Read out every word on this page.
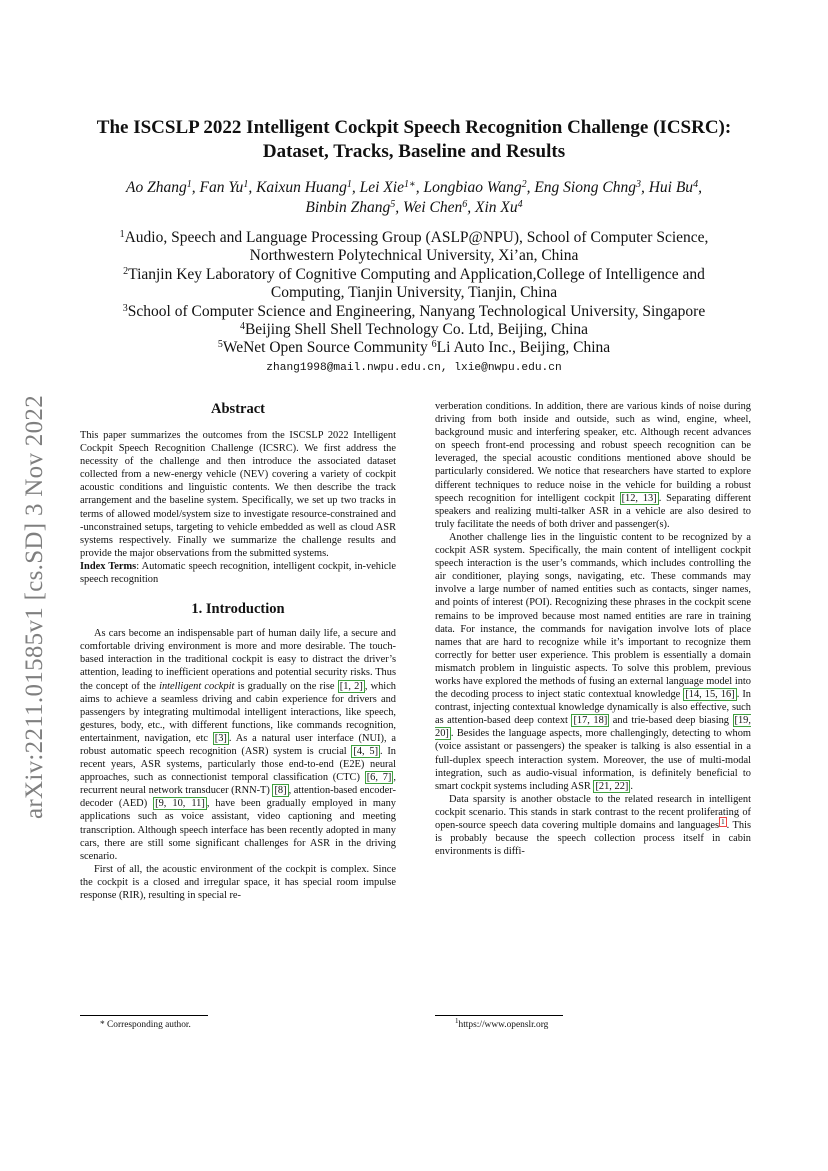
arXiv:2211.01585v1 [cs.SD] 3 Nov 2022
The ISCSLP 2022 Intelligent Cockpit Speech Recognition Challenge (ICSRC):
Dataset, Tracks, Baseline and Results
Ao Zhang$^1$, Fan Yu$^1$, Kaixun Huang$^1$, Lei Xie$^{1∗}$, Longbiao Wang$^2$, Eng Siong Chng$^3$, Hui Bu$^4$,
Binbin Zhang$^5$, Wei Chen$^6$, Xin Xu$^4$
$^1$Audio, Speech and Language Processing Group (ASLP@NPU), School of Computer Science,
Northwestern Polytechnical University, Xi’an, China
$^2$Tianjin Key Laboratory of Cognitive Computing and Application,College of Intelligence and
Computing, Tianjin University, Tianjin, China
$^3$School of Computer Science and Engineering, Nanyang Technological University, Singapore
$^4$Beijing Shell Shell Technology Co. Ltd, Beijing, China
$^5$WeNet Open Source Community $^6$Li Auto Inc., Beijing, China
zhang1998@mail.nwpu.edu.cn, lxie@nwpu.edu.cn
Abstract

This paper summarizes the outcomes from the ISCSLP 2022 Intelligent Cockpit Speech Recognition Challenge (ICSRC). We first address the necessity of the challenge and then introduce the associated dataset collected from a new-energy vehicle (NEV) covering a variety of cockpit acoustic conditions and linguistic contents. We then describe the track arrangement and the baseline system. Specifically, we set up two tracks in terms of allowed model/system size to investigate resource-constrained and -unconstrained setups, targeting to vehicle embedded as well as cloud ASR systems respectively. Finally we summarize the challenge results and provide the major observations from the submitted systems.

Index Terms: Automatic speech recognition, intelligent cockpit, in-vehicle speech recognition

1. Introduction

As cars become an indispensable part of human daily life, a secure and comfortable driving environment is more and more desirable. The touch-based interaction in the traditional cockpit is easy to distract the driver’s attention, leading to inefficient operations and potential security risks. Thus the concept of the intelligent cockpit is gradually on the rise [1, 2] , which aims to achieve a seamless driving and cabin experience for drivers and passengers by integrating multimodal intelligent interactions, like speech, gestures, body, etc., with different functions, like commands recognition, entertainment, navigation, etc [3] . As a natural user interface (NUI), a robust automatic speech recognition (ASR) system is crucial [4, 5] . In recent years, ASR systems, particularly those end-to-end (E2E) neural approaches, such as connectionist temporal classification (CTC) [6, 7] , recurrent neural network transducer (RNN-T) [8] , attention-based encoder-decoder (AED) [9, 10, 11] , have been gradually employed in many applications such as voice assistant, video captioning and meeting transcription. Although speech interface has been recently adopted in many cars, there are still some significant challenges for ASR in the driving scenario.

First of all, the acoustic environment of the cockpit is complex. Since the cockpit is a closed and irregular space, it has special room impulse response (RIR), resulting in special re-

verberation conditions. In addition, there are various kinds of noise during driving from both inside and outside, such as wind, engine, wheel, background music and interfering speaker, etc. Although recent advances on speech front-end processing and robust speech recognition can be leveraged, the special acoustic conditions mentioned above should be particularly considered. We notice that researchers have started to explore different techniques to reduce noise in the vehicle for building a robust speech recognition for intelligent cockpit [12, 13] . Separating different speakers and realizing multi-talker ASR in a vehicle are also desired to truly facilitate the needs of both driver and passenger(s).

Another challenge lies in the linguistic content to be recognized by a cockpit ASR system. Specifically, the main content of intelligent cockpit speech interaction is the user’s commands, which includes controlling the air conditioner, playing songs, navigating, etc. These commands may involve a large number of named entities such as contacts, singer names, and points of interest (POI). Recognizing these phrases in the cockpit scene remains to be improved because most named entities are rare in training data. For instance, the commands for navigation involve lots of place names that are hard to recognize while it’s important to recognize them correctly for better user experience. This problem is essentially a domain mismatch problem in linguistic aspects. To solve this problem, previous works have explored the methods of fusing an external language model into the decoding process to inject static contextual knowledge [14, 15, 16] . In contrast, injecting contextual knowledge dynamically is also effective, such as attention-based deep context [17, 18] and trie-based deep biasing [19, 20] . Besides the language aspects, more challengingly, detecting to whom (voice assistant or passengers) the speaker is talking is also essential in a full-duplex speech interaction system. Moreover, the use of multi-modal integration, such as audio-visual information, is definitely beneficial to smart cockpit systems including ASR [21, 22] .

Data sparsity is another obstacle to the related research in intelligent cockpit scenario. This stands in stark contrast to the recent proliferating of open-source speech data covering multiple domains and languages $^1$ . This is probably because the speech collection process itself in cabin environments is diffi-

* Corresponding author.	$^1$https://www.openslr.org
